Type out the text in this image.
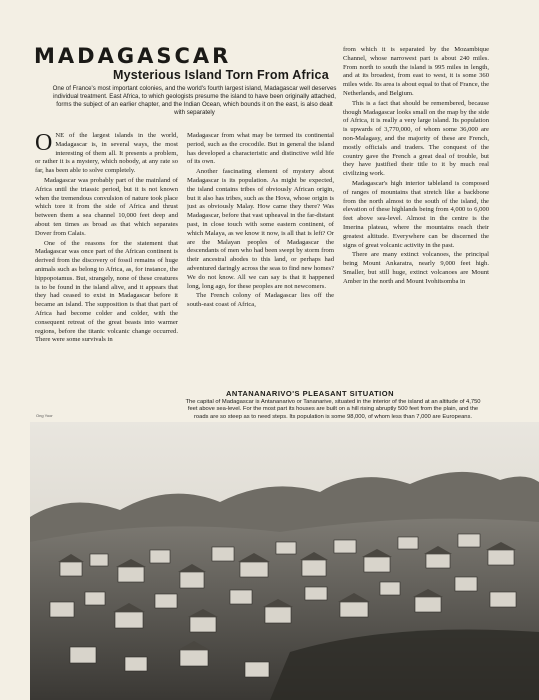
MADAGASCAR
Mysterious Island Torn From Africa

One of France's most important colonies, and the world's fourth largest island, Madagascar well deserves individual treatment. East Africa, to which geologists presume the island to have been originally attached, forms the subject of an earlier chapter, and the Indian Ocean, which bounds it on the east, is also dealt with separately

ONE of the largest islands in the world, Madagascar is, in several ways, the most interesting of them all. It presents a problem, or rather it is a mystery, which nobody, at any rate so far, has been able to solve completely.

Madagascar was probably part of the mainland of Africa until the triassic period, but it is not known when the tremendous convulsion of nature took place which tore it from the side of Africa and thrust between them a sea channel 10,000 feet deep and about ten times as broad as that which separates Dover from Calais.

One of the reasons for the statement that Madagascar was once part of the African continent is derived from the discovery of fossil remains of huge animals such as belong to Africa, as, for instance, the hippopotamus. But, strangely, none of these creatures is to be found in the island alive, and it appears that they had ceased to exist in Madagascar before it became an island. The supposition is that that part of Africa had become colder and colder, with the consequent retreat of the great beasts into warmer regions, before the titanic volcanic change occurred. There were some survivals in

Madagascar from what may be termed its continental period, such as the crocodile. But in general the island has developed a characteristic and distinctive wild life of its own.

Another fascinating element of mystery about Madagascar is its population. As might be expected, the island contains tribes of obviously African origin, but it also has tribes, such as the Hova, whose origin is just as obviously Malay. How came they there? Was Madagascar, before that vast upheaval in the far-distant past, in close touch with some eastern continent, of which Malaya, as we know it now, is all that is left? Or are the Malayan peoples of Madagascar the descendants of men who had been swept by storm from their ancestral abodes to this land, or perhaps had adventured daringly across the seas to find new homes? We do not know. All we can say is that it happened long, long ago, for these peoples are not newcomers.

The French colony of Madagascar lies off the south-east coast of Africa,

from which it is separated by the Mozambique Channel, whose narrowest part is about 240 miles. From north to south the island is 995 miles in length, and at its broadest, from east to west, it is some 360 miles wide. Its area is about equal to that of France, the Netherlands, and Belgium.

This is a fact that should be remembered, because though Madagascar looks small on the map by the side of Africa, it is really a very large island. Its population is upwards of 3,770,000, of whom some 36,000 are non-Malagasy, and the majority of these are French, mostly officials and traders. The conquest of the country gave the French a great deal of trouble, but they have justified their title to it by much real civilizing work.

Madagascar's high interior tableland is composed of ranges of mountains that stretch like a backbone from the north almost to the south of the island, the elevation of these highlands being from 4,000 to 6,000 feet above sea-level. Almost in the centre is the Imerina plateau, where the mountains reach their greatest altitude. Everywhere can be discerned the signs of great volcanic activity in the past.

There are many extinct volcanoes, the principal being Mount Ankaratra, nearly 9,000 feet high. Smaller, but still huge, extinct volcanoes are Mount Amber in the north and Mount Ivohitsomba in

ANTANANARIVO'S PLEASANT SITUATION

The capital of Madagascar is Antananarivo or Tananarive, situated in the interior of the island at an altitude of 4,750 feet above sea-level. For the most part its houses are built on a hill rising abruptly 500 feet from the plain, and the roads are so steep as to need steps. Its population is some 98,000, of whom less than 7,000 are Europeans.

Ong Yoor
